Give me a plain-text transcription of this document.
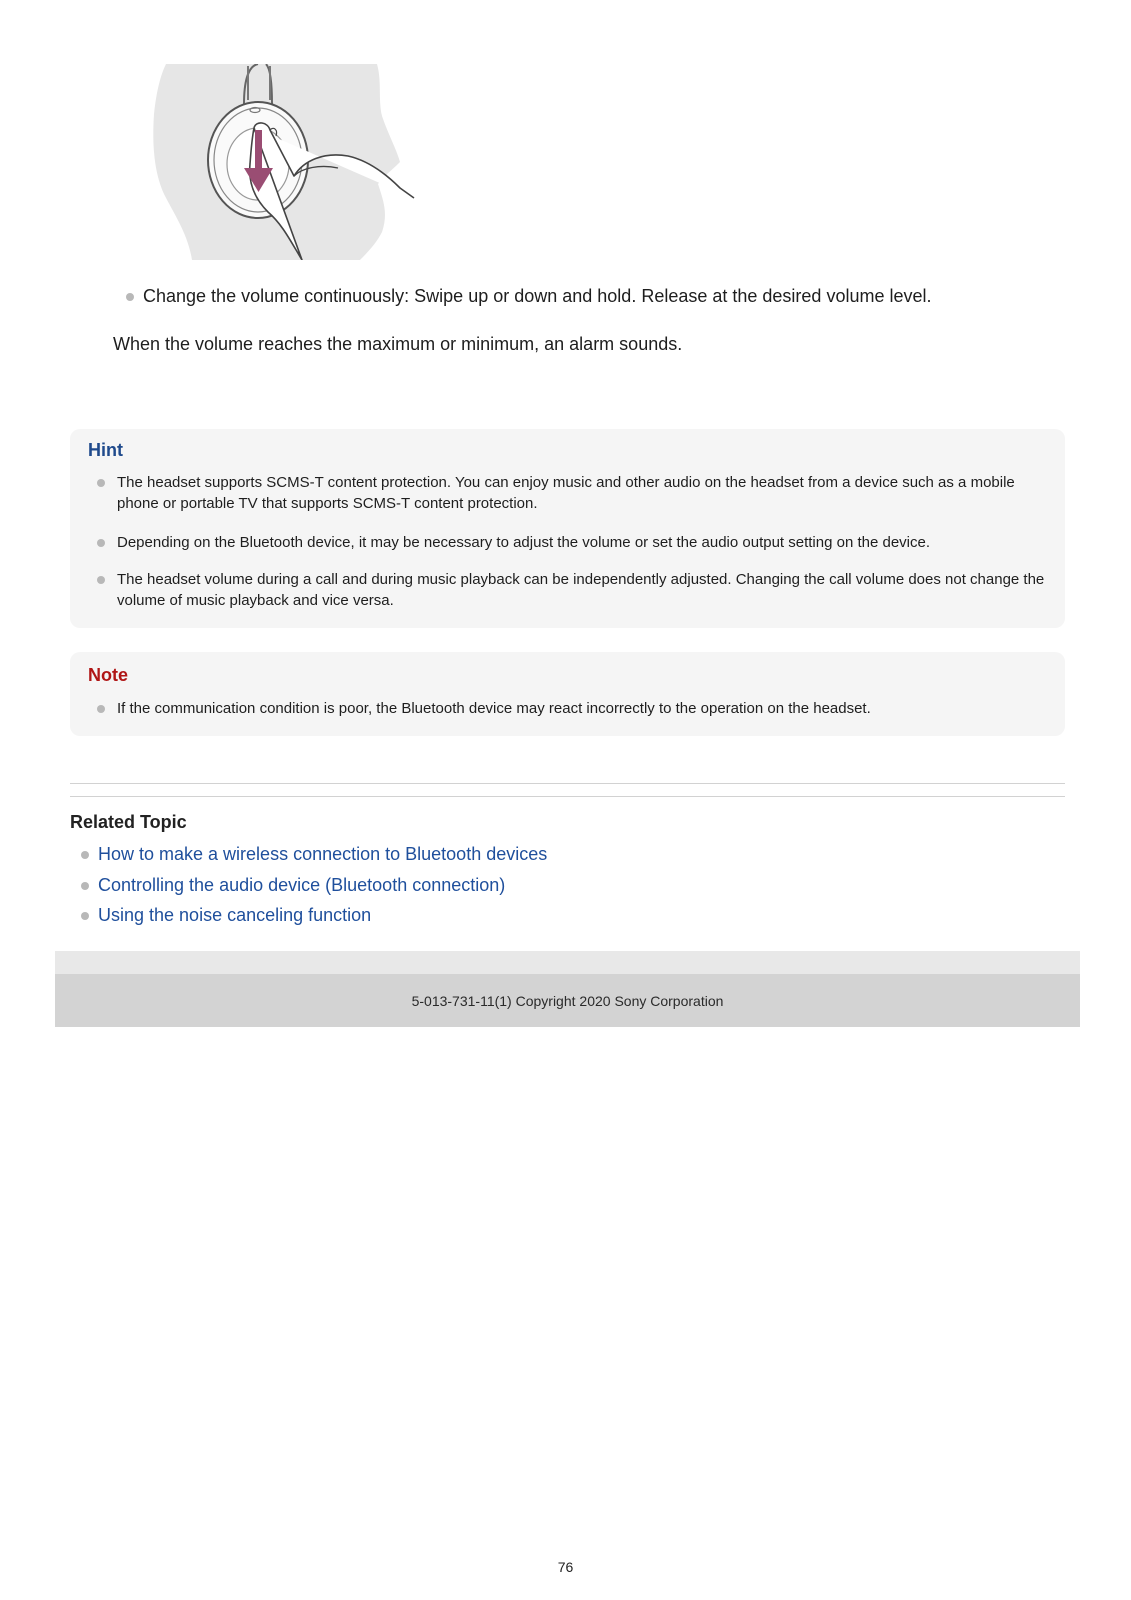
Change the volume continuously: Swipe up or down and hold. Release at the desired volume level.
When the volume reaches the maximum or minimum, an alarm sounds.
Hint
The headset supports SCMS-T content protection. You can enjoy music and other audio on the headset from a device such as a mobile phone or portable TV that supports SCMS-T content protection.
Depending on the Bluetooth device, it may be necessary to adjust the volume or set the audio output setting on the device.
The headset volume during a call and during music playback can be independently adjusted. Changing the call volume does not change the volume of music playback and vice versa.
Note
If the communication condition is poor, the Bluetooth device may react incorrectly to the operation on the headset.
Related Topic
How to make a wireless connection to Bluetooth devices
Controlling the audio device (Bluetooth connection)
Using the noise canceling function
5-013-731-11(1) Copyright 2020 Sony Corporation
76
